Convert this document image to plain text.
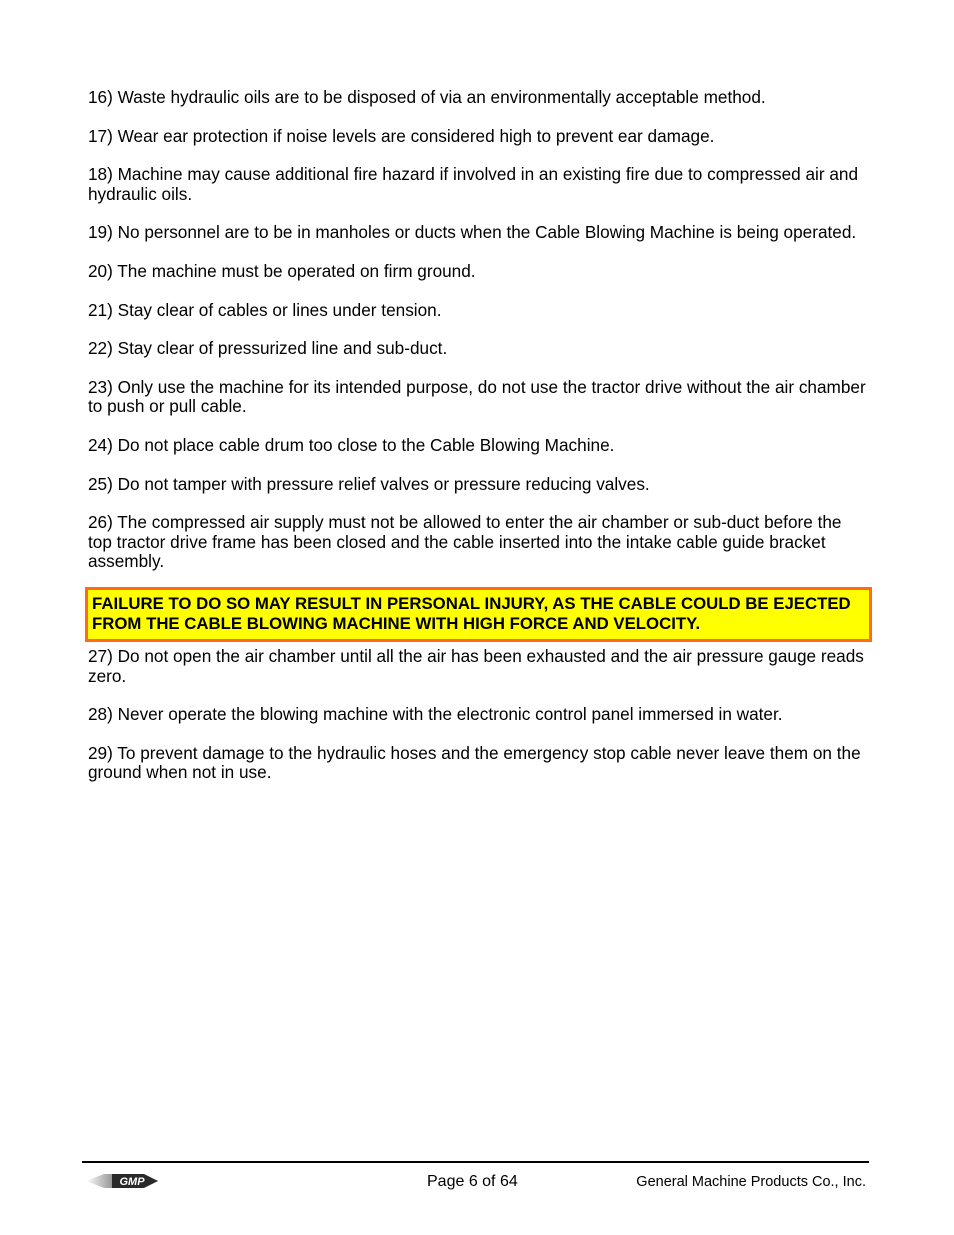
16) Waste hydraulic oils are to be disposed of via an environmentally acceptable method.

17) Wear ear protection if noise levels are considered high to prevent ear damage.

18) Machine may cause additional fire hazard if involved in an existing fire due to compressed air and hydraulic oils.

19) No personnel are to be in manholes or ducts when the Cable Blowing Machine is being operated.

20) The machine must be operated on firm ground.

21) Stay clear of cables or lines under tension.

22) Stay clear of pressurized line and sub-duct.

23) Only use the machine for its intended purpose, do not use the tractor drive without the air chamber to push or pull cable.

24) Do not place cable drum too close to the Cable Blowing Machine.

25) Do not tamper with pressure relief valves or pressure reducing valves.

26) The compressed air supply must not be allowed to enter the air chamber or sub-duct before the top tractor drive frame has been closed and the cable inserted into the intake cable guide bracket assembly.

FAILURE TO DO SO MAY RESULT IN PERSONAL INJURY, AS THE CABLE COULD BE EJECTED FROM THE CABLE BLOWING MACHINE WITH HIGH FORCE AND VELOCITY.

27) Do not open the air chamber until all the air has been exhausted and the air pressure gauge reads zero.

28) Never operate the blowing machine with the electronic control panel immersed in water.

29) To prevent damage to the hydraulic hoses and the emergency stop cable never leave them on the ground when not in use.

GMP	Page 6 of 64	General Machine Products Co., Inc.
